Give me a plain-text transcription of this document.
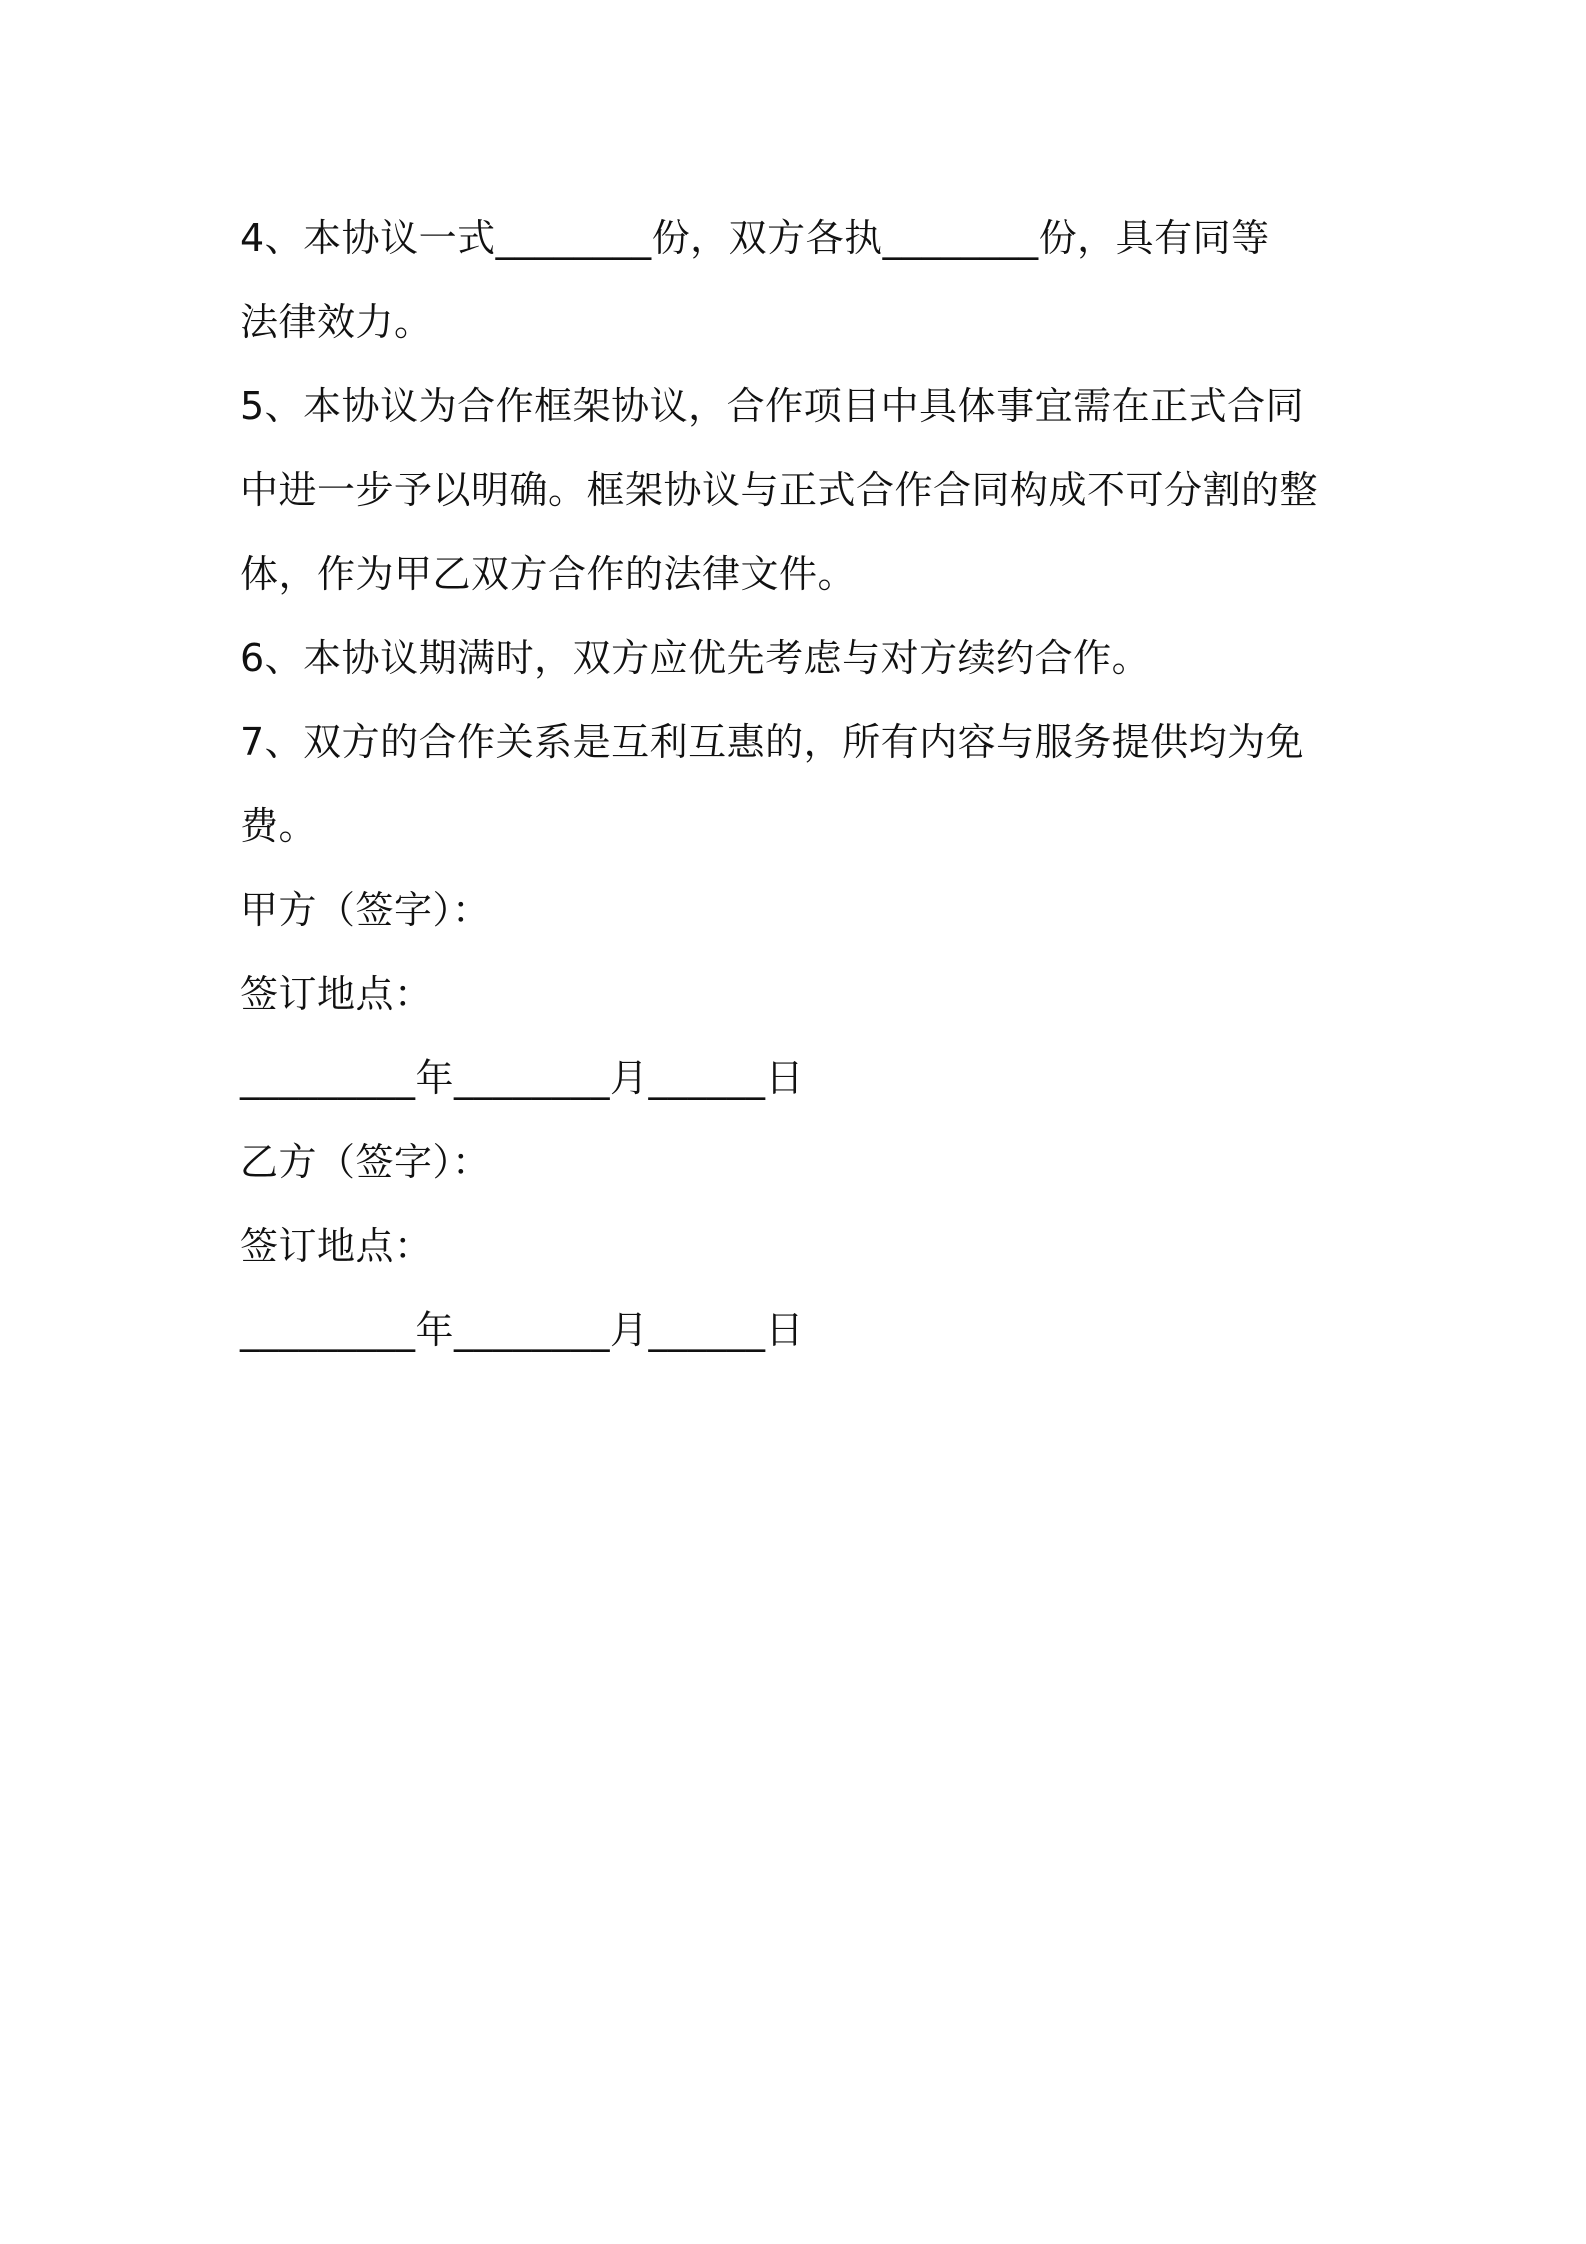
4、本协议一式________份，双方各执________份，具有同等
法律效力。
5、本协议为合作框架协议，合作项目中具体事宜需在正式合同
中进一步予以明确。框架协议与正式合作合同构成不可分割的整
体，作为甲乙双方合作的法律文件。
6、本协议期满时，双方应优先考虑与对方续约合作。
7、双方的合作关系是互利互惠的，所有内容与服务提供均为免
费。
甲方（签字）：
签订地点：
_________年________月______日
乙方（签字）：
签订地点：
_________年________月______日
